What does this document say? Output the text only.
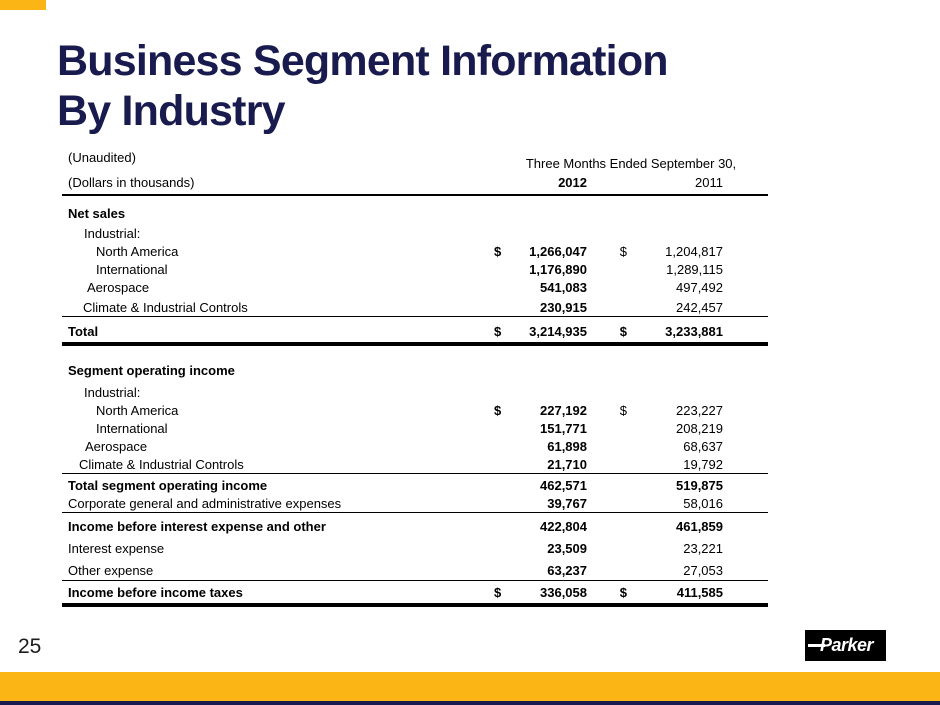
Business Segment Information
By Industry
(Unaudited)	Three Months Ended September 30,
(Dollars in thousands)	2012	2011
Net sales
Industrial:
North America	$	1,266,047	$	1,204,817
International	1,176,890	1,289,115
Aerospace	541,083	497,492
Climate & Industrial Controls	230,915	242,457
Total	$	3,214,935	$	3,233,881
Segment operating income
Industrial:
North America	$	227,192	$	223,227
International	151,771	208,219
Aerospace	61,898	68,637
Climate & Industrial Controls	21,710	19,792
Total segment operating income	462,571	519,875
Corporate general and administrative expenses	39,767	58,016
Income before interest expense and other	422,804	461,859
Interest expense	23,509	23,221
Other expense	63,237	27,053
Income before income taxes	$	336,058	$	411,585
25	Parker
